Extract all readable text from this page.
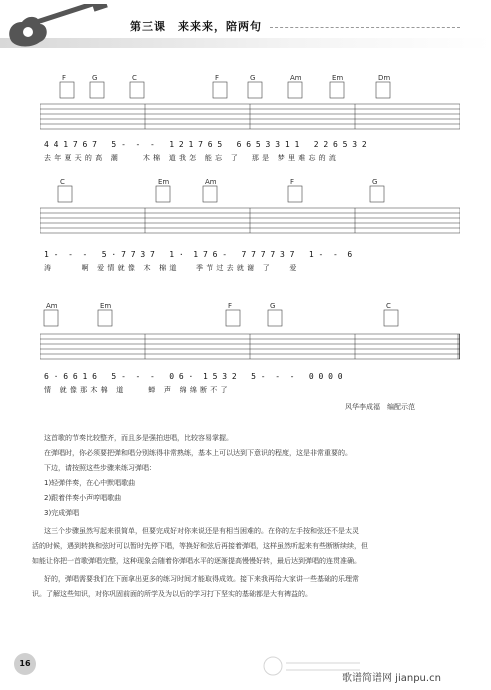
第三课　来来来，陪两句
F	G	C	F	G	Am	Em	Dm
4 4 1 7 6 7   5 -  -  -   1 2 1 7 6 5   6 6 5 3 3 1 1   2 2 6 5 3 2
去 年 夏 天 的 高   潮         木 棉   道 我 怎   能 忘   了     那 是   梦 里 难 忘 的 流
C	Em	Am	F	G
1 -  -  -   5 · 7 7 3 7   1 ·  1 7 6 -   7 7 7 7 3 7   1 -  -  6
涛           啊   爱 情 就 像   木   棉 道       季 节 过 去 就 谢   了       爱
Am	Em	F	G	C
6 · 6 6 1 6   5 -  -  -   0 6 ·  1 5 3 2   5 -  -  -   0 0 0 0
情   就 像 那 木 棉   道         蝉   声   绵 绵 断 不 了
风华李成福　编配示范
这首歌的节奏比较整齐，而且多是强拍进唱，比较容易掌握。
在弹唱时，你必须要把弹和唱分别练得非常熟练，基本上可以达到下意识的程度，这是非常重要的。
下边，请按照这些步骤来练习弹唱：
1)轻弹伴奏，在心中默唱歌曲
2)跟着伴奏小声哼唱歌曲
3)完成弹唱
这三个步骤虽然写起来很简单，但要完成好对你来说还是有相当困难的。在你的左手按和弦还不是太灵
活的时候，遇到转换和弦时可以暂时先停下唱，等换好和弦后再接着弹唱，这样虽然听起来有些断断续续，但
如能让你把一首歌弹唱完整，这种现象会随着你弹唱水平的逐渐提高慢慢好转，最后达到弹唱的连贯准确。
好的，弹唱需要我们在下面拿出更多的练习时间才能取得成效。接下来我再给大家讲一些基础的乐理常
识。了解这些知识，对你巩固前面的所学及为以后的学习打下坚实的基础都是大有裨益的。
16
歌谱简谱网 jianpu.cn
